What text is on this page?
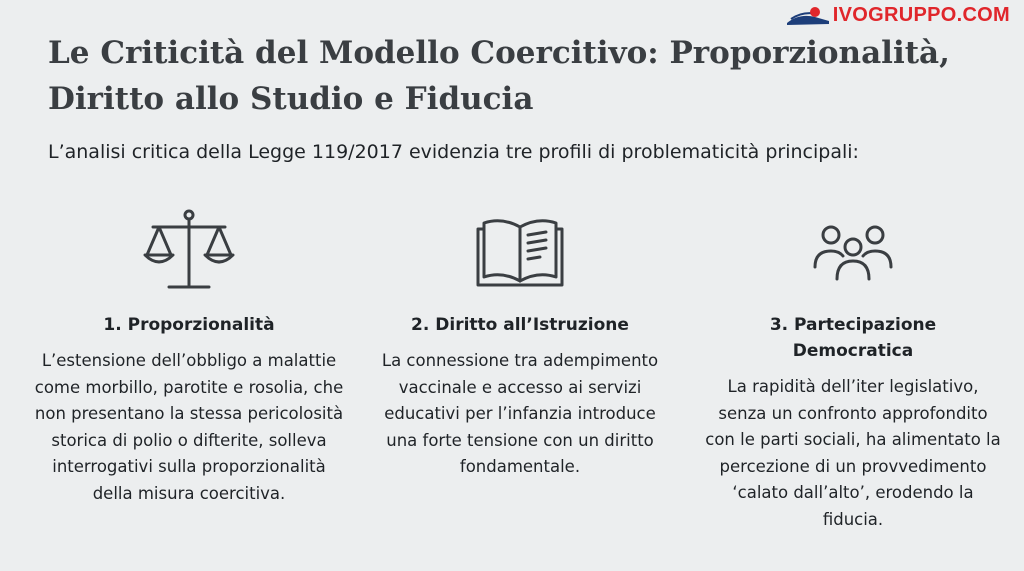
IVOGRUPPO.COM
Le Criticità del Modello Coercitivo: Proporzionalità, Diritto allo Studio e Fiducia

L’analisi critica della Legge 119/2017 evidenzia tre profili di problematicità principali:

1. Proporzionalità
L’estensione dell’obbligo a malattie come morbillo, parotite e rosolia, che non presentano la stessa pericolosità storica di polio o difterite, solleva interrogativi sulla proporzionalità della misura coercitiva.
2. Diritto all’Istruzione
La connessione tra adempimento vaccinale e accesso ai servizi educativi per l’infanzia introduce una forte tensione con un diritto fondamentale.
3. Partecipazione Democratica
La rapidità dell’iter legislativo, senza un confronto approfondito con le parti sociali, ha alimentato la percezione di un provvedimento ‘calato dall’alto’, erodendo la fiducia.
